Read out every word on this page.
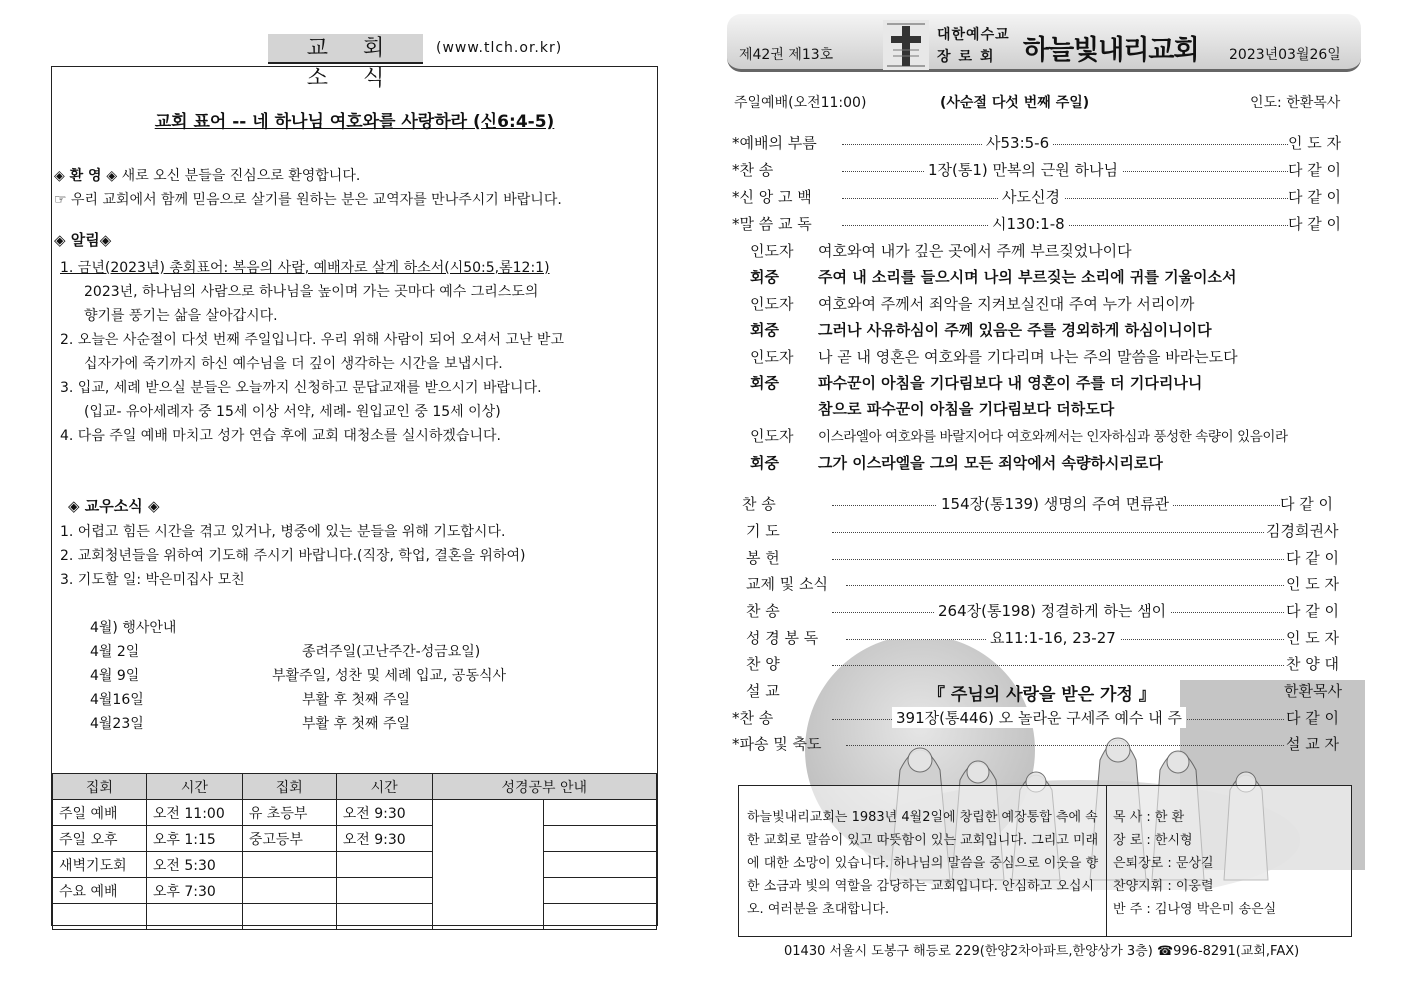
교 회 소 식
(www.tlch.or.kr)
교회 표어 -- 네 하나님 여호와를 사랑하라 (신6:4-5)
◈ 환 영 ◈ 새로 오신 분들을 진심으로 환영합니다.
☞ 우리 교회에서 함께 믿음으로 살기를 원하는 분은 교역자를 만나주시기 바랍니다.
◈ 알림◈
1. 금년(2023년) 총회표어: 복음의 사람, 예배자로 살게 하소서(시50:5,롬12:1)
2023년, 하나님의 사람으로 하나님을 높이며 가는 곳마다 예수 그리스도의
향기를 풍기는 삶을 살아갑시다.
2. 오늘은 사순절이 다섯 번째 주일입니다. 우리 위해 사람이 되어 오셔서 고난 받고
십자가에 죽기까지 하신 예수님을 더 깊이 생각하는 시간을 보냅시다.
3. 입교, 세례 받으실 분들은 오늘까지 신청하고 문답교재를 받으시기 바랍니다.
(입교- 유아세례자 중 15세 이상 서약, 세례- 원입교인 중 15세 이상)
4. 다음 주일 예배 마치고 성가 연습 후에 교회 대청소를 실시하겠습니다.
◈ 교우소식 ◈
1. 어렵고 힘든 시간을 겪고 있거나, 병중에 있는 분들을 위해 기도합시다.
2. 교회청년들을 위하여 기도해 주시기 바랍니다.(직장, 학업, 결혼을 위하여)
3. 기도할 일: 박은미집사 모친
4월) 행사안내
4월 2일	종려주일(고난주간-성금요일)
4월 9일	부활주일, 성찬 및 세례 입교, 공동식사
4월16일	부활 후 첫째 주일
4월23일	부활 후 첫째 주일
집회	시간	집회	시간	성경공부 안내	
주일 예배	오전 11:00	유 초등부	오전 9:30		
주일 오후	오후 1:15	중고등부	오전 9:30		
새벽기도회	오전 5:30				
수요 예배	오후 7:30				

제42권 제13호
대한예수교
장로회 하늘빛내리교회 2023년03월26일
주일예배(오전11:00)	(사순절 다섯 번째 주일)	인도: 한환목사
*예배의 부름	사53:5-6	인 도 자
*찬 송	1장(통1) 만복의 근원 하나님	다 같 이
*신 앙 고 백	사도신경	다 같 이
*말 씀 교 독	시130:1-8	다 같 이
인도자 여호와여 내가 깊은 곳에서 주께 부르짖었나이다
회중	주여 내 소리를 들으시며 나의 부르짖는 소리에 귀를 기울이소서
인도자 여호와여 주께서 죄악을 지켜보실진대 주여 누가 서리이까
회중	그러나 사유하심이 주께 있음은 주를 경외하게 하심이니이다
인도자 나 곧 내 영혼은 여호와를 기다리며 나는 주의 말씀을 바라는도다
회중	파수꾼이 아침을 기다림보다 내 영혼이 주를 더 기다리나니
참으로 파수꾼이 아침을 기다림보다 더하도다
인도자 이스라엘아 여호와를 바랄지어다 여호와께서는 인자하심과 풍성한 속량이 있음이라
회중	그가 이스라엘을 그의 모든 죄악에서 속량하시리로다
찬 송	154장(통139) 생명의 주여 면류관	다 같 이
기 도	김경희권사
봉 헌	다 같 이
교제 및 소식	인 도 자
찬 송	264장(통198) 정결하게 하는 샘이	다 같 이
성 경 봉 독	요11:1-16, 23-27	인 도 자
찬 양	찬 양 대
설 교	『 주님의 사랑을 받은 가정 』	한환목사
*찬 송	391장(통446) 오 놀라운 구세주 예수 내 주	다 같 이
*파송 및 축도	설 교 자
하늘빛내리교회는 1983년 4월2일에 창립한 예장통합 측에 속한 교회로 말씀이 있고 따뜻함이 있는 교회입니다. 그리고 미래에 대한 소망이 있습니다. 하나님의 말씀을 중심으로 이웃을 향한 소금과 빛의 역할을 감당하는 교회입니다. 안심하고 오십시오. 여러분을 초대합니다.
목 사 : 한 환
장 로 : 한시형
은퇴장로 : 문상길
찬양지휘 : 이웅렬
반 주 : 김나영 박은미 송은실
01430 서울시 도봉구 해등로 229(한양2차아파트,한양상가 3층) ☎996-8291(교회,FAX)
